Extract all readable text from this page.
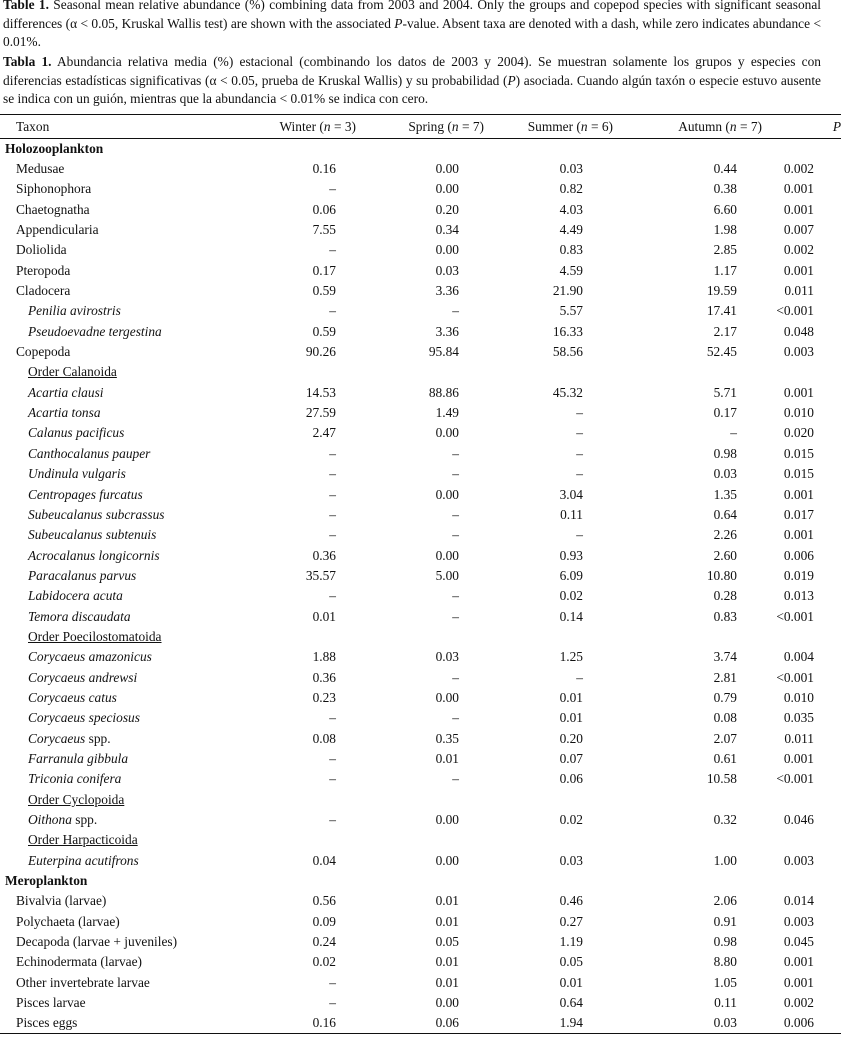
Table 1. Seasonal mean relative abundance (%) combining data from 2003 and 2004. Only the groups and copepod species with significant seasonal differences (α < 0.05, Kruskal Wallis test) are shown with the associated P-value. Absent taxa are denoted with a dash, while zero indicates abundance < 0.01%.
Tabla 1. Abundancia relativa media (%) estacional (combinando los datos de 2003 y 2004). Se muestran solamente los grupos y especies con diferencias estadísticas significativas (α < 0.05, prueba de Kruskal Wallis) y su probabilidad (P) asociada. Cuando algún taxón o especie estuvo ausente se indica con un guión, mientras que la abundancia < 0.01% se indica con cero.
Taxon	Winter (n = 3)	Spring (n = 7)	Summer (n = 6)	Autumn (n = 7)	P
Holozooplankton					
Medusae	0.16	0.00	0.03	0.44	0.002
Siphonophora	–	0.00	0.82	0.38	0.001
Chaetognatha	0.06	0.20	4.03	6.60	0.001
Appendicularia	7.55	0.34	4.49	1.98	0.007
Doliolida	–	0.00	0.83	2.85	0.002
Pteropoda	0.17	0.03	4.59	1.17	0.001
Cladocera	0.59	3.36	21.90	19.59	0.011
Penilia avirostris	–	–	5.57	17.41	<0.001
Pseudoevadne tergestina	0.59	3.36	16.33	2.17	0.048
Copepoda	90.26	95.84	58.56	52.45	0.003
Order Calanoida					
Acartia clausi	14.53	88.86	45.32	5.71	0.001
Acartia tonsa	27.59	1.49	–	0.17	0.010
Calanus pacificus	2.47	0.00	–	–	0.020
Canthocalanus pauper	–	–	–	0.98	0.015
Undinula vulgaris	–	–	–	0.03	0.015
Centropages furcatus	–	0.00	3.04	1.35	0.001
Subeucalanus subcrassus	–	–	0.11	0.64	0.017
Subeucalanus subtenuis	–	–	–	2.26	0.001
Acrocalanus longicornis	0.36	0.00	0.93	2.60	0.006
Paracalanus parvus	35.57	5.00	6.09	10.80	0.019
Labidocera acuta	–	–	0.02	0.28	0.013
Temora discaudata	0.01	–	0.14	0.83	<0.001
Order Poecilostomatoida					
Corycaeus amazonicus	1.88	0.03	1.25	3.74	0.004
Corycaeus andrewsi	0.36	–	–	2.81	<0.001
Corycaeus catus	0.23	0.00	0.01	0.79	0.010
Corycaeus speciosus	–	–	0.01	0.08	0.035
Corycaeus spp.	0.08	0.35	0.20	2.07	0.011
Farranula gibbula	–	0.01	0.07	0.61	0.001
Triconia conifera	–	–	0.06	10.58	<0.001
Order Cyclopoida					
Oithona spp.	–	0.00	0.02	0.32	0.046
Order Harpacticoida					
Euterpina acutifrons	0.04	0.00	0.03	1.00	0.003
Meroplankton					
Bivalvia (larvae)	0.56	0.01	0.46	2.06	0.014
Polychaeta (larvae)	0.09	0.01	0.27	0.91	0.003
Decapoda (larvae + juveniles)	0.24	0.05	1.19	0.98	0.045
Echinodermata (larvae)	0.02	0.01	0.05	8.80	0.001
Other invertebrate larvae	–	0.01	0.01	1.05	0.001
Pisces larvae	–	0.00	0.64	0.11	0.002
Pisces eggs	0.16	0.06	1.94	0.03	0.006
